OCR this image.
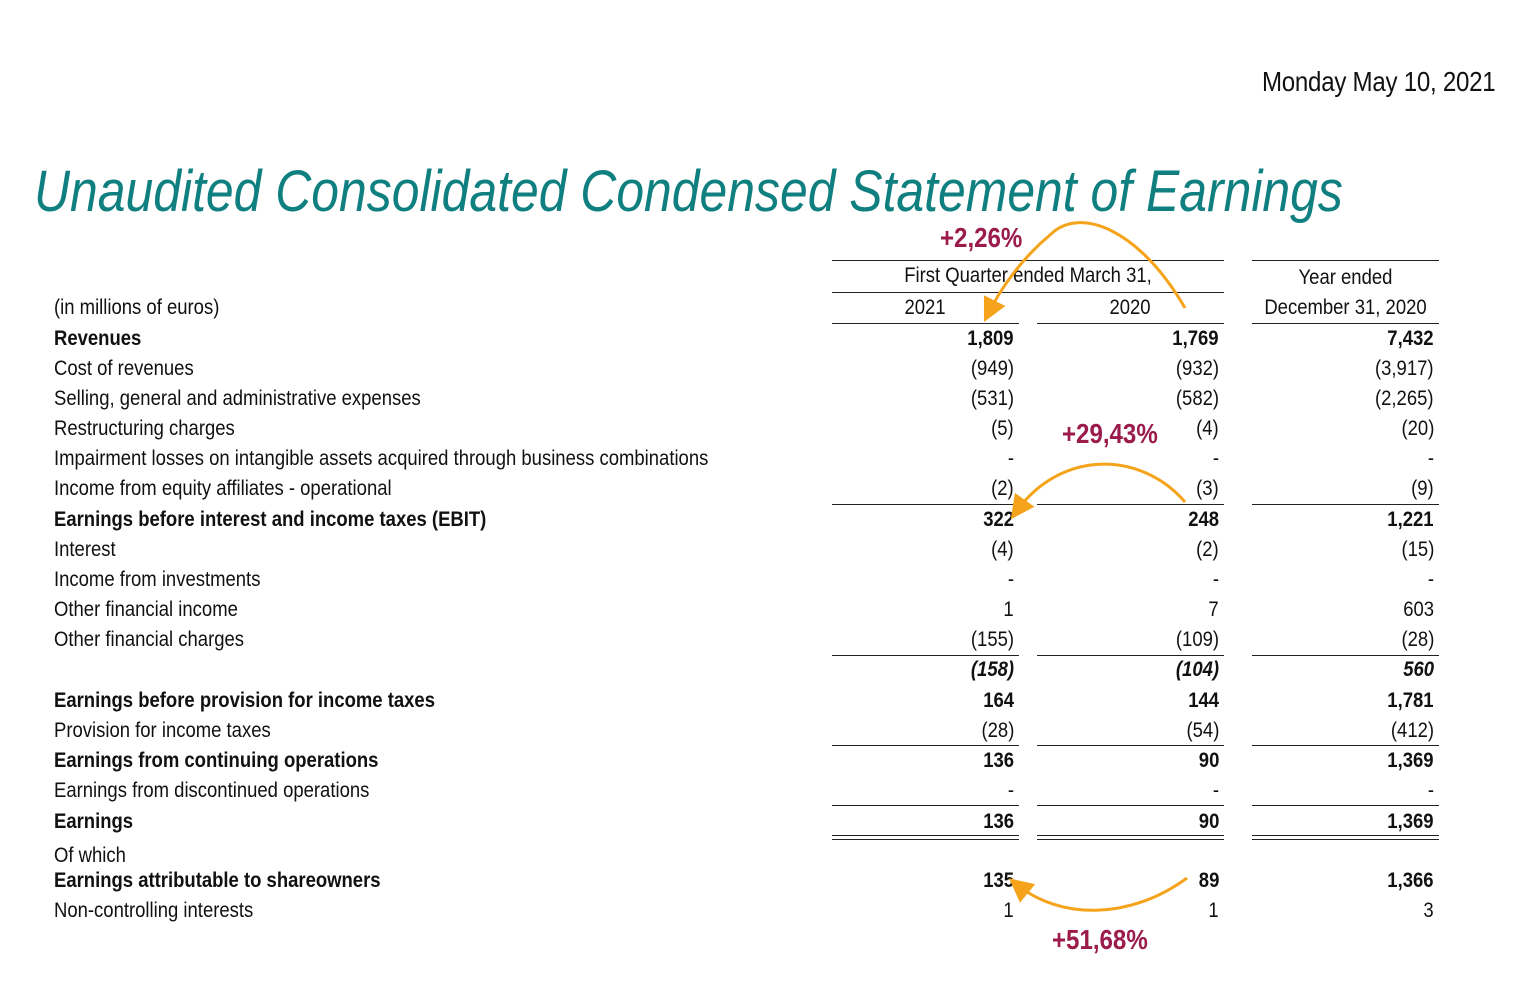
Monday May 10, 2021
Unaudited Consolidated Condensed Statement of Earnings
(in millions of euros)
First Quarter ended March 31,
2021	2020
Year ended
December 31, 2020
Revenues	1,809	1,769	7,432
Cost of revenues	(949)	(932)	(3,917)
Selling, general and administrative expenses	(531)	(582)	(2,265)
Restructuring charges	(5)	(4)	(20)
Impairment losses on intangible assets acquired through business combinations	-	-	-
Income from equity affiliates - operational	(2)	(3)	(9)
Earnings before interest and income taxes (EBIT)	322	248	1,221
Interest	(4)	(2)	(15)
Income from investments	-	-	-
Other financial income	1	7	603
Other financial charges	(155)	(109)	(28)
(158)	(104)	560
Earnings before provision for income taxes	164	144	1,781
Provision for income taxes	(28)	(54)	(412)
Earnings from continuing operations	136	90	1,369
Earnings from discontinued operations	-	-	-
Earnings	136	90	1,369
Of which
Earnings attributable to shareowners	135	89	1,366
Non-controlling interests	1	1	3
+2,26%
+29,43%
+51,68%
